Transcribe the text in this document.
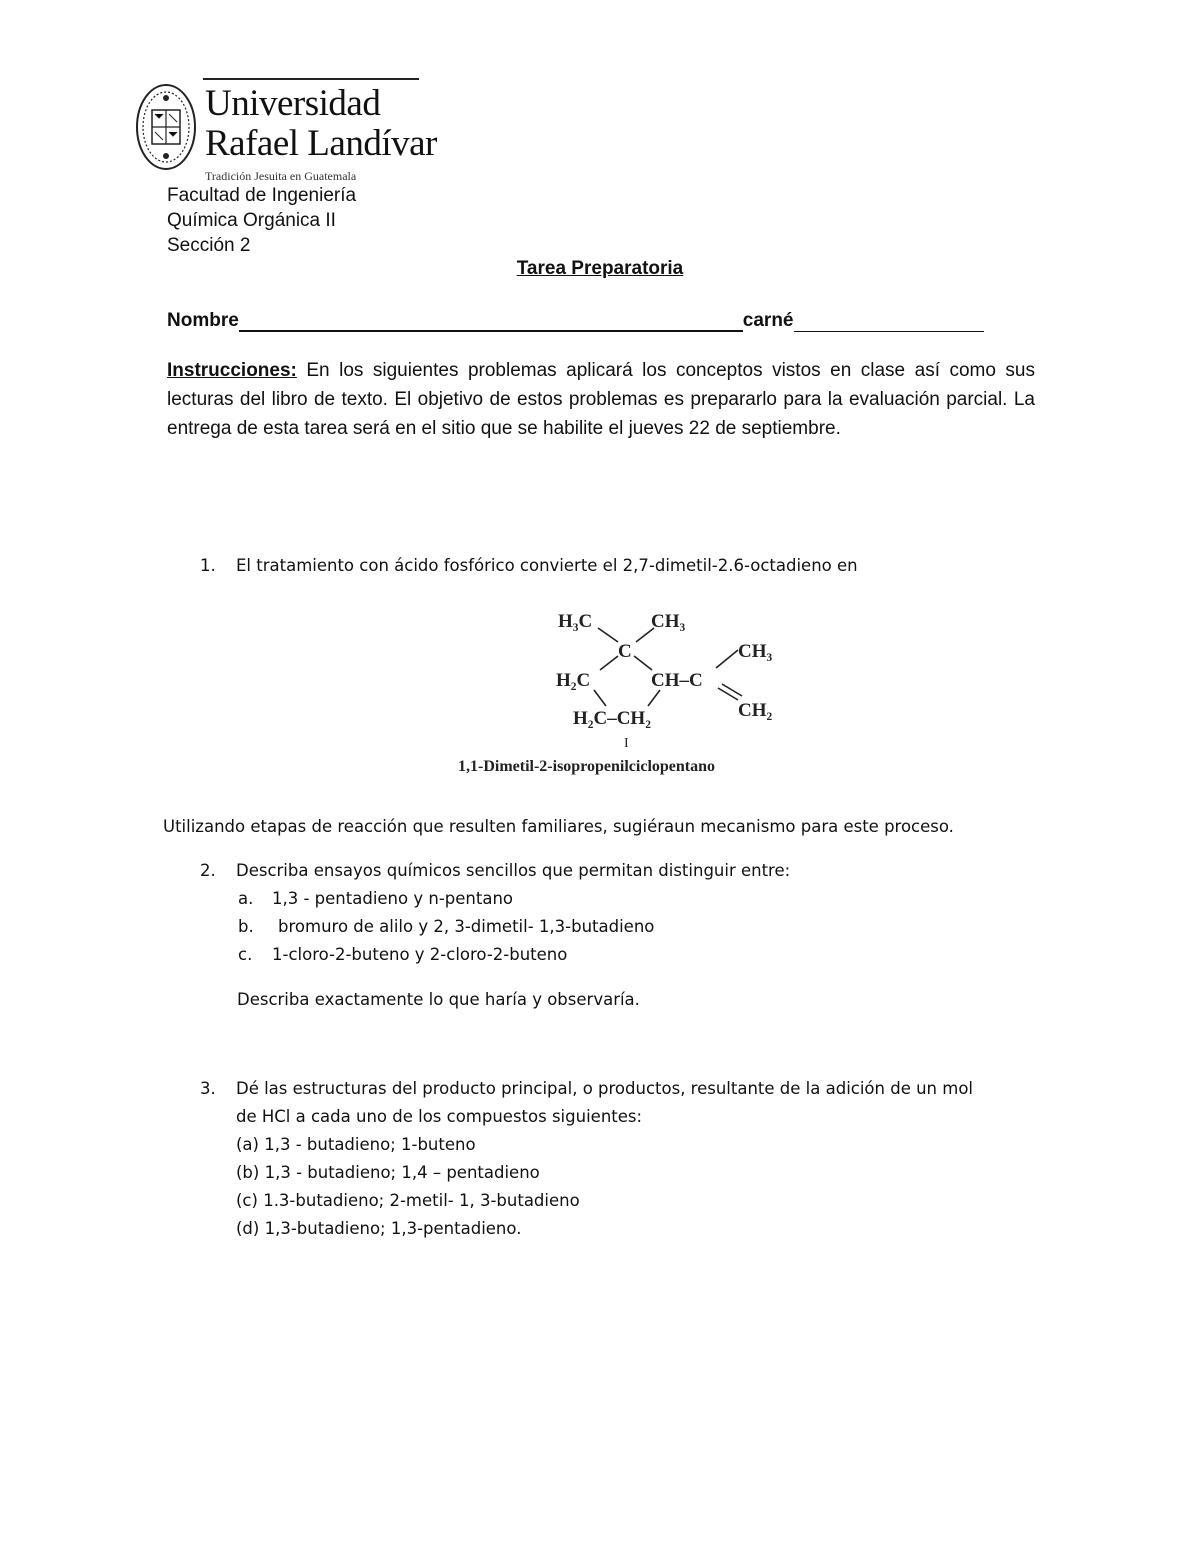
Universidad
Rafael Landívar
Tradición Jesuita en Guatemala
Facultad de Ingeniería
Química Orgánica II
Sección 2
Tarea Preparatoria
Nombre	carné
Instrucciones: En los siguientes problemas aplicará los conceptos vistos en clase así como sus lecturas del libro de texto. El objetivo de estos problemas es prepararlo para la evaluación parcial. La entrega de esta tarea será en el sitio que se habilite el jueves 22 de septiembre.
1. El tratamiento con ácido fosfórico convierte el 2,7-dimetil-2.6-octadieno en
H₃C	CH₃
C	CH₃
H₂C	CH–C
CH₂
H₂C–CH₂
I
1,1-Dimetil-2-isopropenilciclopentano
Utilizando etapas de reacción que resulten familiares, sugiéraun mecanismo para este proceso.
2. Describa ensayos químicos sencillos que permitan distinguir entre:
a. 1,3 - pentadieno y n-pentano
b. bromuro de alilo y 2, 3-dimetil- 1,3-butadieno
c. 1-cloro-2-buteno y 2-cloro-2-buteno
Describa exactamente lo que haría y observaría.
3. Dé las estructuras del producto principal, o productos, resultante de la adición de un mol
de HCl a cada uno de los compuestos siguientes:
(a) 1,3 - butadieno; 1-buteno
(b) 1,3 - butadieno; 1,4 – pentadieno
(c) 1.3-butadieno; 2-metil- 1, 3-butadieno
(d) 1,3-butadieno; 1,3-pentadieno.
